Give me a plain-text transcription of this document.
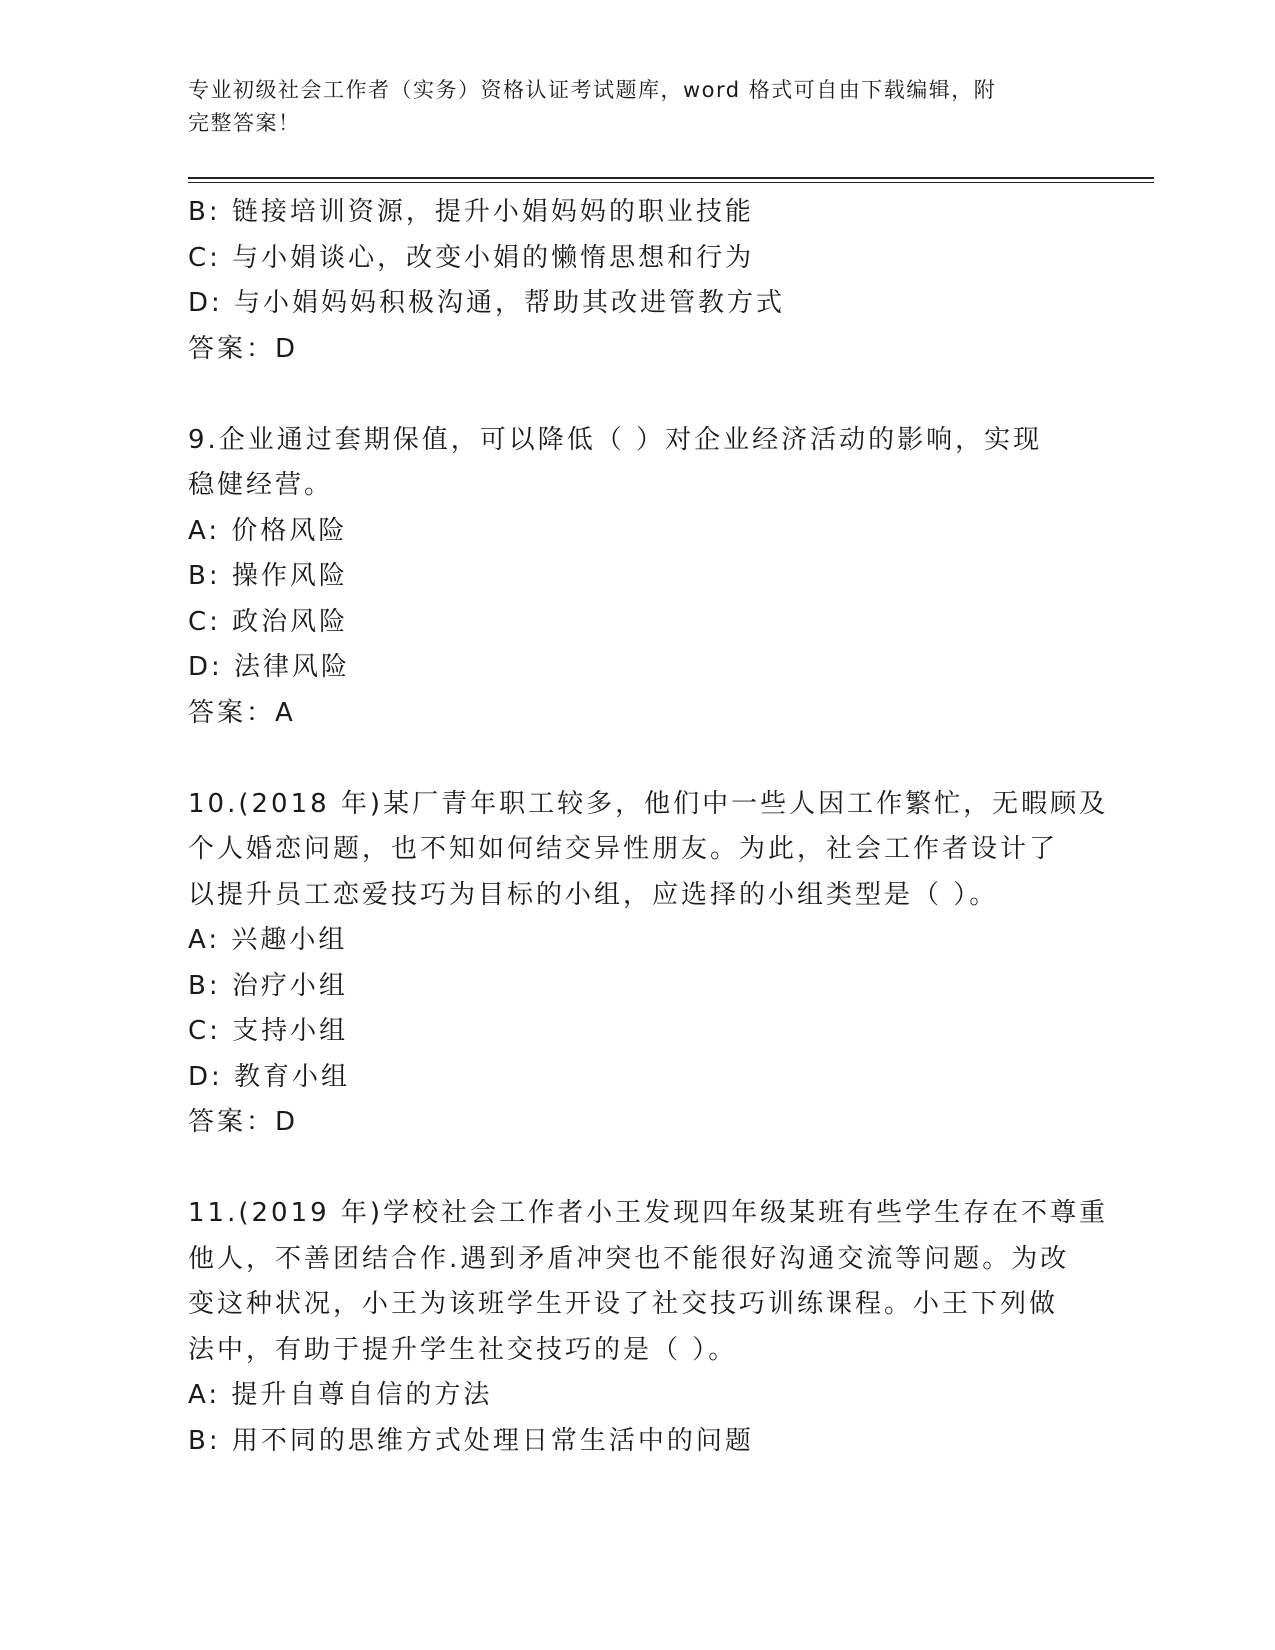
专业初级社会工作者（实务）资格认证考试题库，word 格式可自由下载编辑，附
完整答案！
B: 链接培训资源，提升小娟妈妈的职业技能
C: 与小娟谈心，改变小娟的懒惰思想和行为
D: 与小娟妈妈积极沟通，帮助其改进管教方式
答案：D
9.企业通过套期保值，可以降低（ ）对企业经济活动的影响，实现
稳健经营。
A: 价格风险
B: 操作风险
C: 政治风险
D: 法律风险
答案：A
10.(2018 年)某厂青年职工较多，他们中一些人因工作繁忙，无暇顾及
个人婚恋问题，也不知如何结交异性朋友。为此，社会工作者设计了
以提升员工恋爱技巧为目标的小组，应选择的小组类型是（ ）。
A: 兴趣小组
B: 治疗小组
C: 支持小组
D: 教育小组
答案：D
11.(2019 年)学校社会工作者小王发现四年级某班有些学生存在不尊重
他人，不善团结合作.遇到矛盾冲突也不能很好沟通交流等问题。为改
变这种状况，小王为该班学生开设了社交技巧训练课程。小王下列做
法中，有助于提升学生社交技巧的是（ ）。
A: 提升自尊自信的方法
B: 用不同的思维方式处理日常生活中的问题
